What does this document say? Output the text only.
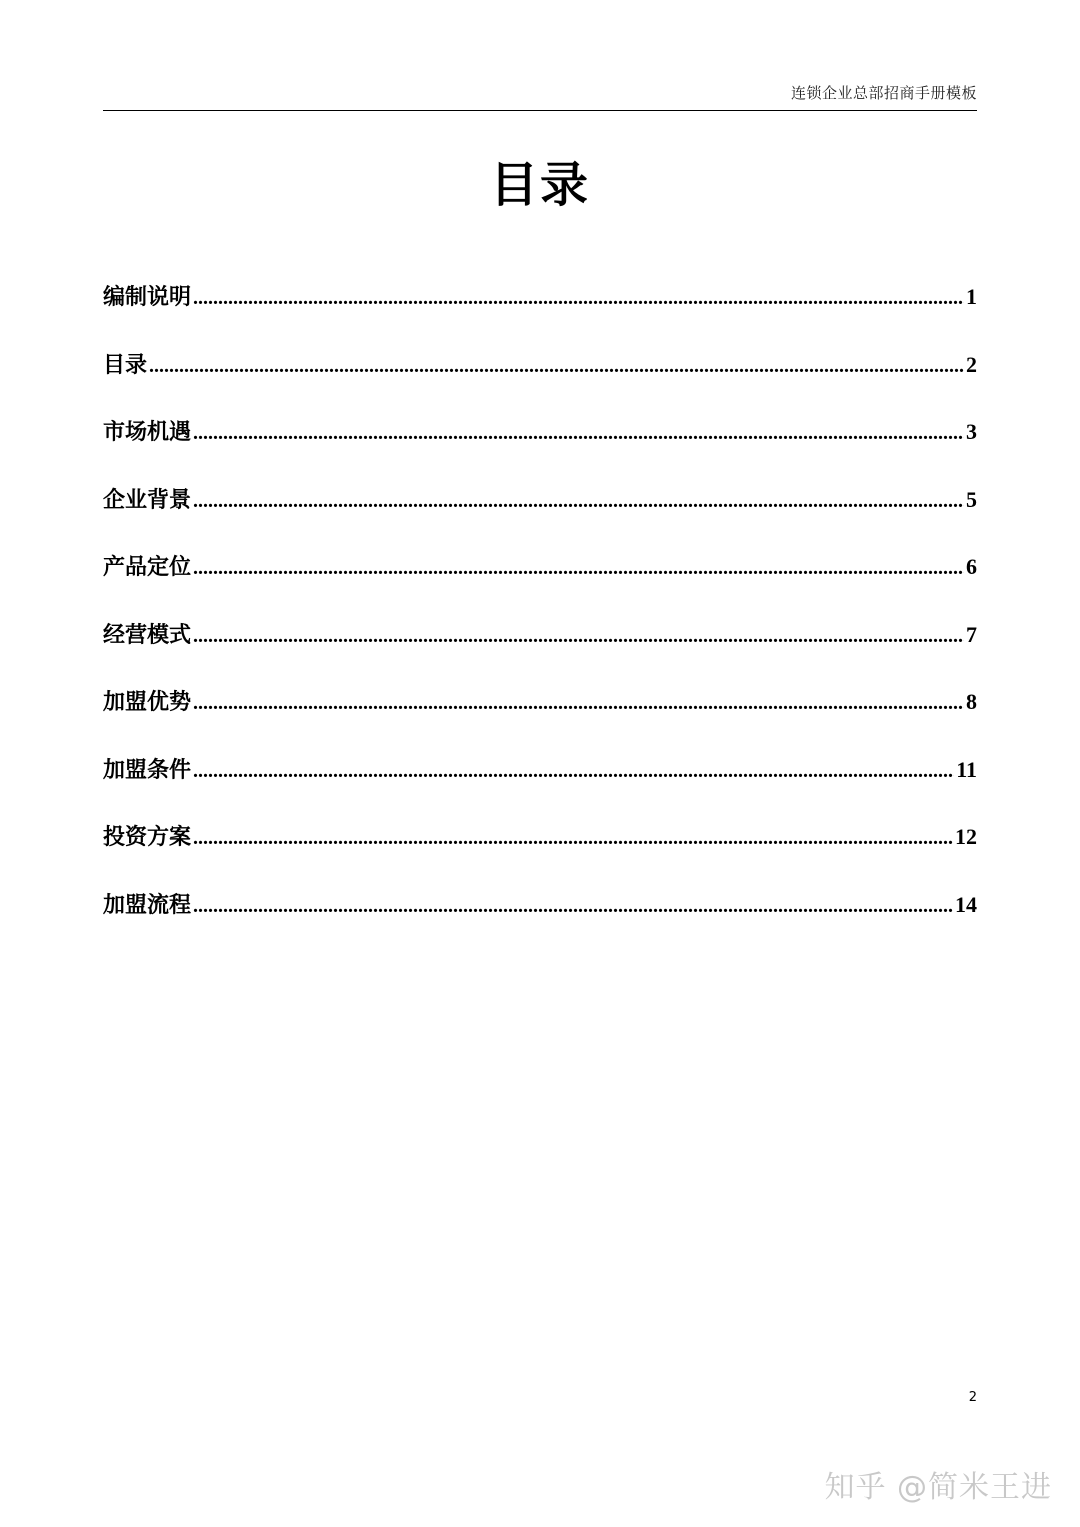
连锁企业总部招商手册模板
目录
编制说明 .....	1
目录 .....	2
市场机遇 .....	3
企业背景 .....	5
产品定位 .....	6
经营模式 .....	7
加盟优势 .....	8
加盟条件 .....	11
投资方案 .....	12
加盟流程 .....	14
2
知乎 @简米王进
